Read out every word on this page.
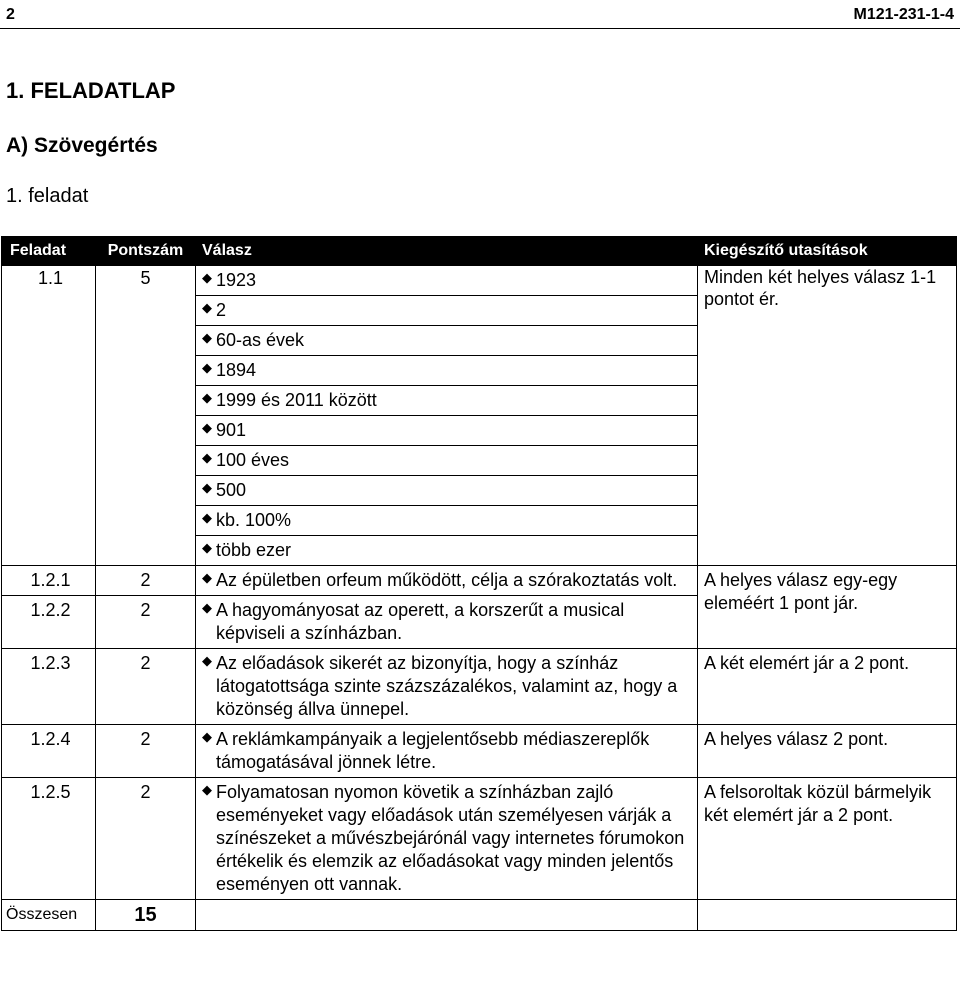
2	M121-231-1-4
1. FELADATLAP
A) Szövegértés
1. feladat
Feladat	Pontszám	Válasz	Kiegészítő utasítások
1.1	5	◆ 1923	Minden két helyes válasz 1-1 pontot ér.

		◆ 2	

		◆ 60-as évek	

		◆ 1894	

		◆ 1999 és 2011 között	

		◆ 901	

		◆ 100 éves	

		◆ 500	

		◆ kb. 100%	

		◆ több ezer	
1.2.1	2	◆ Az épületben orfeum működött, célja a szórakoztatás volt.	A helyes válasz egy-egy eleméért 1 pont jár.
1.2.2	2	◆ A hagyományosat az operett, a korszerűt a musical képviseli a színházban.	
1.2.3	2	◆ Az előadások sikerét az bizonyítja, hogy a színház látogatottsága szinte százszázalékos, valamint az, hogy a közönség állva ünnepel.	A két elemért jár a 2 pont.
1.2.4	2	◆ A reklámkampányaik a legjelentősebb médiaszereplők támogatásával jönnek létre.	A helyes válasz 2 pont.
1.2.5	2	◆ Folyamatosan nyomon követik a színházban zajló eseményeket vagy előadások után személyesen várják a színészeket a művészbejárónál vagy internetes fórumokon értékelik és elemzik az előadásokat vagy minden jelentős eseményen ott vannak.	A felsoroltak közül bármelyik két elemért jár a 2 pont.
Összesen	15		
